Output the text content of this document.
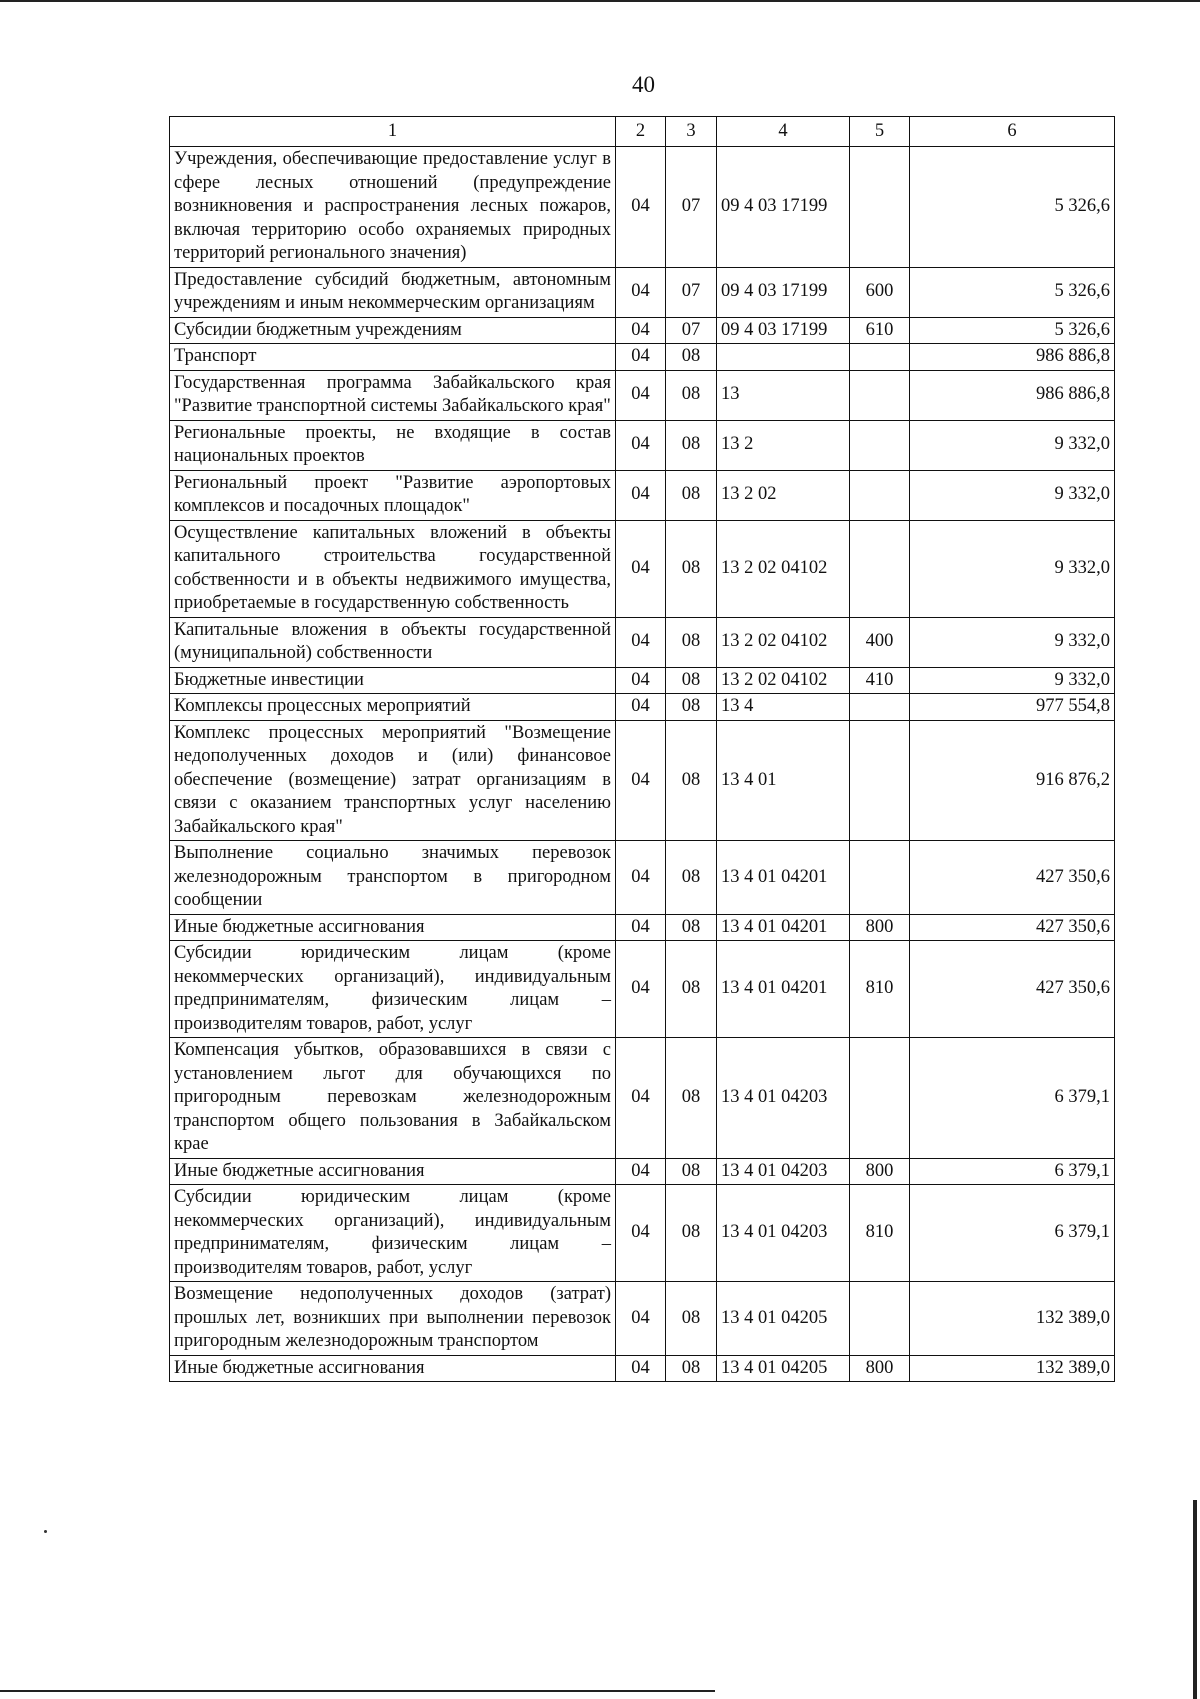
40
1	2	3	4	5	6
Учреждения, обеспечивающие предоставление услуг в сфере лесных отношений (предупреждение возникновения и распространения лесных пожаров, включая территорию особо охраняемых природных территорий регионального значения)	04	07	09 4 03 17199		5 326,6
Предоставление субсидий бюджетным, автономным учреждениям и иным некоммерческим организациям	04	07	09 4 03 17199	600	5 326,6
Субсидии бюджетным учреждениям	04	07	09 4 03 17199	610	5 326,6
Транспорт	04	08			986 886,8
Государственная программа Забайкальского края "Развитие транспортной системы Забайкальского края"	04	08	13		986 886,8
Региональные проекты, не входящие в состав национальных проектов	04	08	13 2		9 332,0
Региональный проект "Развитие аэропортовых комплексов и посадочных площадок"	04	08	13 2 02		9 332,0
Осуществление капитальных вложений в объекты капитального строительства государственной собственности и в объекты недвижимого имущества, приобретаемые в государственную собственность	04	08	13 2 02 04102		9 332,0
Капитальные вложения в объекты государственной (муниципальной) собственности	04	08	13 2 02 04102	400	9 332,0
Бюджетные инвестиции	04	08	13 2 02 04102	410	9 332,0
Комплексы процессных мероприятий	04	08	13 4		977 554,8
Комплекс процессных мероприятий "Возмещение недополученных доходов и (или) финансовое обеспечение (возмещение) затрат организациям в связи с оказанием транспортных услуг населению Забайкальского края"	04	08	13 4 01		916 876,2
Выполнение социально значимых перевозок железнодорожным транспортом в пригородном сообщении	04	08	13 4 01 04201		427 350,6
Иные бюджетные ассигнования	04	08	13 4 01 04201	800	427 350,6
Субсидии юридическим лицам (кроме некоммерческих организаций), индивидуальным предпринимателям, физическим лицам – производителям товаров, работ, услуг	04	08	13 4 01 04201	810	427 350,6
Компенсация убытков, образовавшихся в связи с установлением льгот для обучающихся по пригородным перевозкам железнодорожным транспортом общего пользования в Забайкальском крае	04	08	13 4 01 04203		6 379,1
Иные бюджетные ассигнования	04	08	13 4 01 04203	800	6 379,1
Субсидии юридическим лицам (кроме некоммерческих организаций), индивидуальным предпринимателям, физическим лицам – производителям товаров, работ, услуг	04	08	13 4 01 04203	810	6 379,1
Возмещение недополученных доходов (затрат) прошлых лет, возникших при выполнении перевозок пригородным железнодорожным транспортом	04	08	13 4 01 04205		132 389,0
Иные бюджетные ассигнования	04	08	13 4 01 04205	800	132 389,0
